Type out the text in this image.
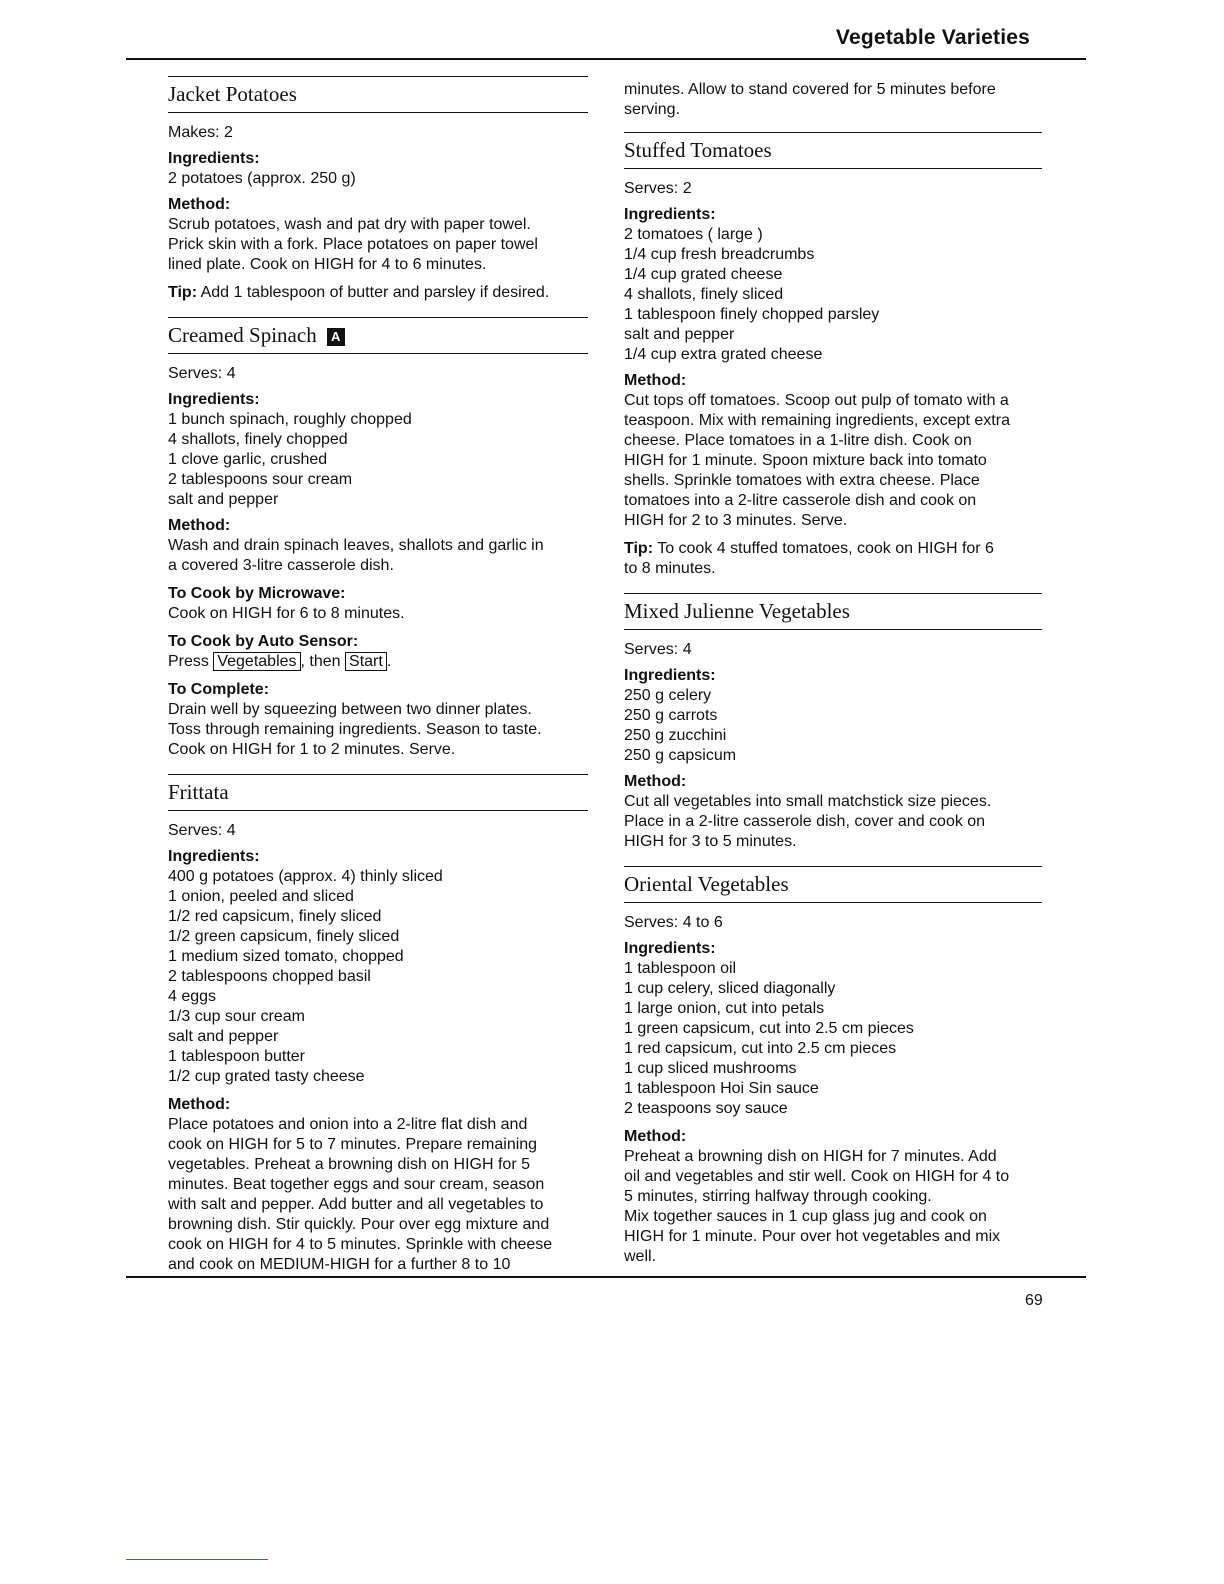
Vegetable Varieties
Jacket Potatoes

Makes: 2

Ingredients:

2 potatoes (approx. 250 g)

Method:

Scrub potatoes, wash and pat dry with paper towel.

Prick skin with a fork. Place potatoes on paper towel

lined plate. Cook on HIGH for 4 to 6 minutes.

Tip: Add 1 tablespoon of butter and parsley if desired.

Creamed Spinach A

Serves: 4

Ingredients:

1 bunch spinach, roughly chopped

4 shallots, finely chopped

1 clove garlic, crushed

2 tablespoons sour cream

salt and pepper

Method:

Wash and drain spinach leaves, shallots and garlic in

a covered 3-litre casserole dish.

To Cook by Microwave:

Cook on HIGH for 6 to 8 minutes.

To Cook by Auto Sensor:

Press Vegetables , then Start .

To Complete:

Drain well by squeezing between two dinner plates.

Toss through remaining ingredients. Season to taste.

Cook on HIGH for 1 to 2 minutes. Serve.

Frittata

Serves: 4

Ingredients:

400 g potatoes (approx. 4) thinly sliced

1 onion, peeled and sliced

1/2 red capsicum, finely sliced

1/2 green capsicum, finely sliced

1 medium sized tomato, chopped

2 tablespoons chopped basil

4 eggs

1/3 cup sour cream

salt and pepper

1 tablespoon butter

1/2 cup grated tasty cheese

Method:

Place potatoes and onion into a 2-litre flat dish and

cook on HIGH for 5 to 7 minutes. Prepare remaining

vegetables. Preheat a browning dish on HIGH for 5

minutes. Beat together eggs and sour cream, season

with salt and pepper. Add butter and all vegetables to

browning dish. Stir quickly. Pour over egg mixture and

cook on HIGH for 4 to 5 minutes. Sprinkle with cheese

and cook on MEDIUM-HIGH for a further 8 to 10

minutes. Allow to stand covered for 5 minutes before

serving.

Stuffed Tomatoes

Serves: 2

Ingredients:

2 tomatoes ( large )

1/4 cup fresh breadcrumbs

1/4 cup grated cheese

4 shallots, finely sliced

1 tablespoon finely chopped parsley

salt and pepper

1/4 cup extra grated cheese

Method:

Cut tops off tomatoes. Scoop out pulp of tomato with a

teaspoon. Mix with remaining ingredients, except extra

cheese. Place tomatoes in a 1-litre dish. Cook on

HIGH for 1 minute. Spoon mixture back into tomato

shells. Sprinkle tomatoes with extra cheese. Place

tomatoes into a 2-litre casserole dish and cook on

HIGH for 2 to 3 minutes. Serve.

Tip: To cook 4 stuffed tomatoes, cook on HIGH for 6

to 8 minutes.

Mixed Julienne Vegetables

Serves: 4

Ingredients:

250 g celery

250 g carrots

250 g zucchini

250 g capsicum

Method:

Cut all vegetables into small matchstick size pieces.

Place in a 2-litre casserole dish, cover and cook on

HIGH for 3 to 5 minutes.

Oriental Vegetables

Serves: 4 to 6

Ingredients:

1 tablespoon oil

1 cup celery, sliced diagonally

1 large onion, cut into petals

1 green capsicum, cut into 2.5 cm pieces

1 red capsicum, cut into 2.5 cm pieces

1 cup sliced mushrooms

1 tablespoon Hoi Sin sauce

2 teaspoons soy sauce

Method:

Preheat a browning dish on HIGH for 7 minutes. Add

oil and vegetables and stir well. Cook on HIGH for 4 to

5 minutes, stirring halfway through cooking.

Mix together sauces in 1 cup glass jug and cook on

HIGH for 1 minute. Pour over hot vegetables and mix

well.

69
